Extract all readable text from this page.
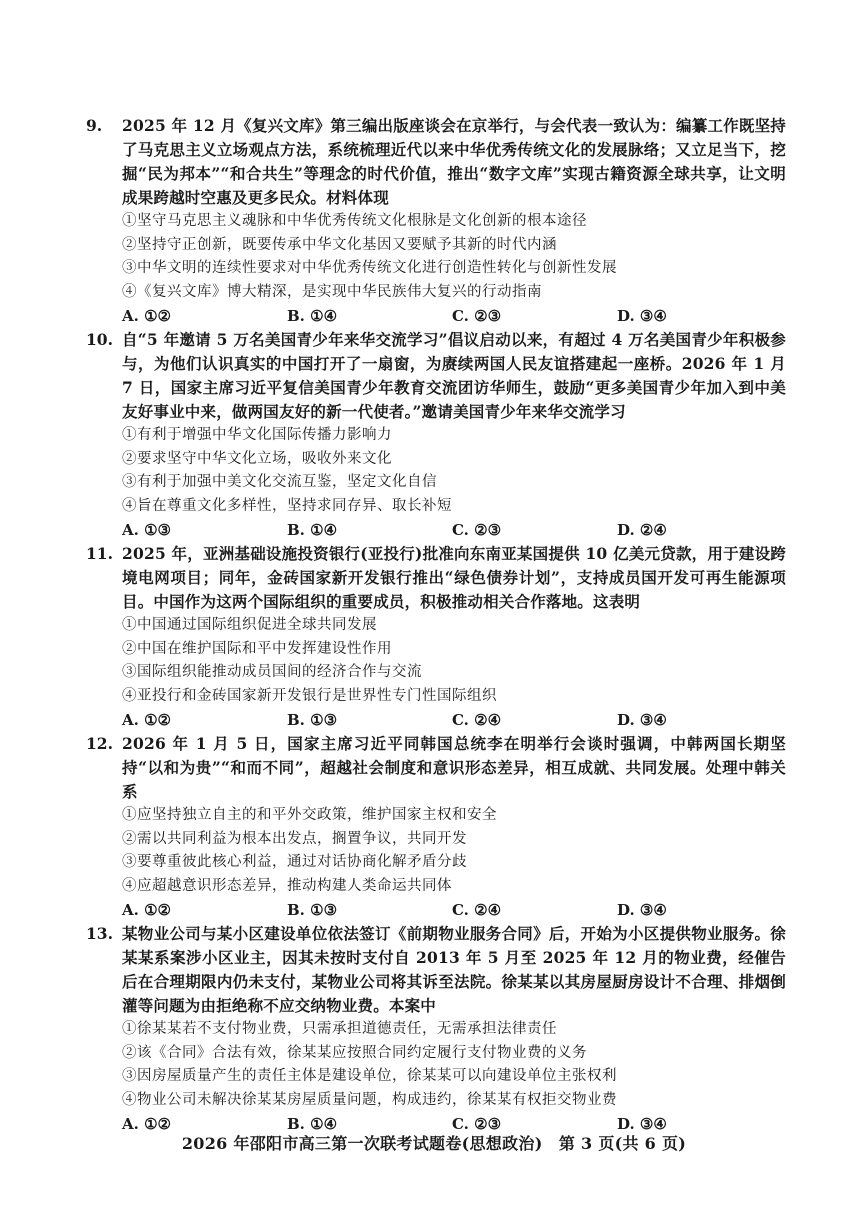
9. 2025 年 12 月《复兴文库》第三编出版座谈会在京举行，与会代表一致认为：编纂工作既坚持了马克思主义立场观点方法，系统梳理近代以来中华优秀传统文化的发展脉络；又立足当下，挖掘“民为邦本”“和合共生”等理念的时代价值，推出“数字文库”实现古籍资源全球共享，让文明成果跨越时空惠及更多民众。材料体现
①坚守马克思主义魂脉和中华优秀传统文化根脉是文化创新的根本途径
②坚持守正创新，既要传承中华文化基因又要赋予其新的时代内涵
③中华文明的连续性要求对中华优秀传统文化进行创造性转化与创新性发展
④《复兴文库》博大精深，是实现中华民族伟大复兴的行动指南
A. ①②	B. ①④	C. ②③	D. ③④
10. 自“5 年邀请 5 万名美国青少年来华交流学习”倡议启动以来，有超过 4 万名美国青少年积极参与，为他们认识真实的中国打开了一扇窗，为赓续两国人民友谊搭建起一座桥。2026 年 1 月 7 日，国家主席习近平复信美国青少年教育交流团访华师生，鼓励“更多美国青少年加入到中美友好事业中来，做两国友好的新一代使者。”邀请美国青少年来华交流学习
①有利于增强中华文化国际传播力影响力
②要求坚守中华文化立场，吸收外来文化
③有利于加强中美文化交流互鉴，坚定文化自信
④旨在尊重文化多样性，坚持求同存异、取长补短
A. ①③	B. ①④	C. ②③	D. ②④
11. 2025 年，亚洲基础设施投资银行(亚投行)批准向东南亚某国提供 10 亿美元贷款，用于建设跨境电网项目；同年，金砖国家新开发银行推出“绿色债券计划”，支持成员国开发可再生能源项目。中国作为这两个国际组织的重要成员，积极推动相关合作落地。这表明
①中国通过国际组织促进全球共同发展
②中国在维护国际和平中发挥建设性作用
③国际组织能推动成员国间的经济合作与交流
④亚投行和金砖国家新开发银行是世界性专门性国际组织
A. ①②	B. ①③	C. ②④	D. ③④
12. 2026 年 1 月 5 日，国家主席习近平同韩国总统李在明举行会谈时强调，中韩两国长期坚持“以和为贵”“和而不同”，超越社会制度和意识形态差异，相互成就、共同发展。处理中韩关系
①应坚持独立自主的和平外交政策，维护国家主权和安全
②需以共同利益为根本出发点，搁置争议，共同开发
③要尊重彼此核心利益，通过对话协商化解矛盾分歧
④应超越意识形态差异，推动构建人类命运共同体
A. ①②	B. ①③	C. ②④	D. ③④
13. 某物业公司与某小区建设单位依法签订《前期物业服务合同》后，开始为小区提供物业服务。徐某某系案涉小区业主，因其未按时支付自 2013 年 5 月至 2025 年 12 月的物业费，经催告后在合理期限内仍未支付，某物业公司将其诉至法院。徐某某以其房屋厨房设计不合理、排烟倒灌等问题为由拒绝称不应交纳物业费。本案中
①徐某某若不支付物业费，只需承担道德责任，无需承担法律责任
②该《合同》合法有效，徐某某应按照合同约定履行支付物业费的义务
③因房屋质量产生的责任主体是建设单位，徐某某可以向建设单位主张权利
④物业公司未解决徐某某房屋质量问题，构成违约，徐某某有权拒交物业费
A. ①②	B. ①④	C. ②③	D. ③④
2026 年邵阳市高三第一次联考试题卷(思想政治)　第 3 页(共 6 页)
